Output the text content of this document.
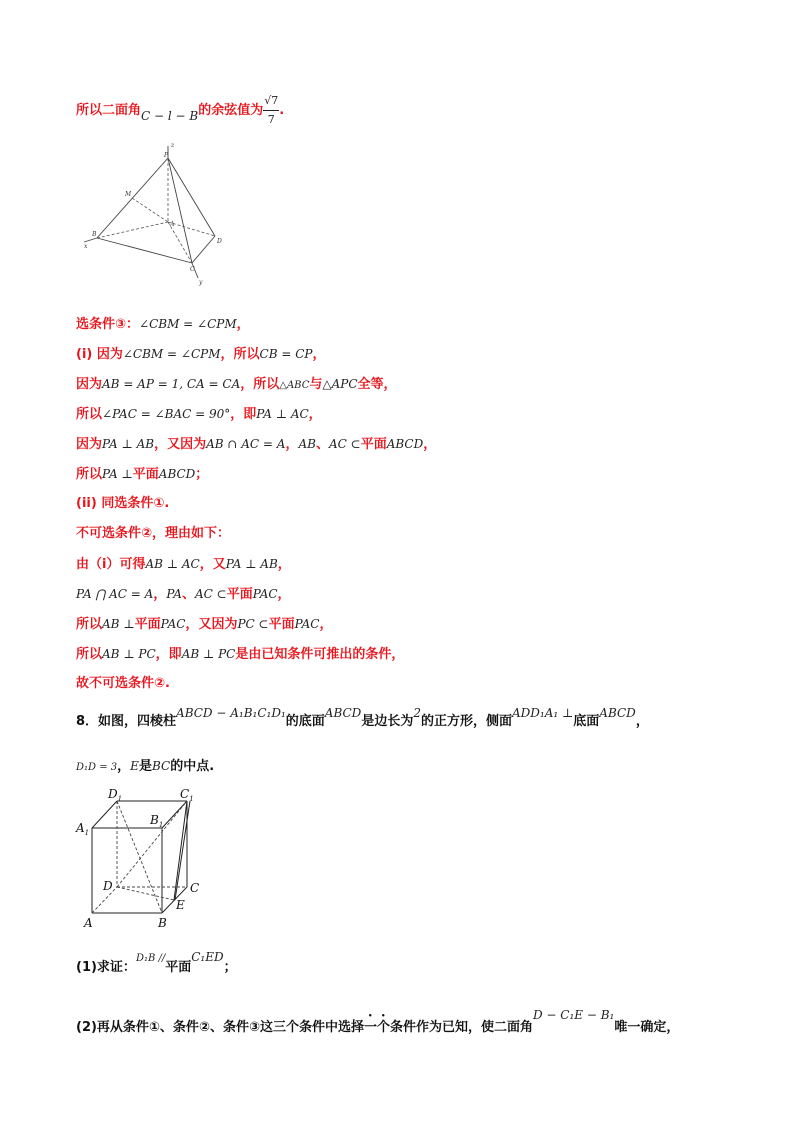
所以二面角C − l − B的余弦值为 $\frac{√7}{7}$ .
P
z
M
A
B
x
D
C
y
选条件③：∠CBM = ∠CPM，
(i) 因为∠CBM = ∠CPM，所以CB = CP，
因为AB = AP = 1, CA = CA，所以△ABC与△APC全等，
所以∠PAC = ∠BAC = 90°，即PA ⊥ AC，
因为PA ⊥ AB，又因为AB ∩ AC = A，AB、AC ⊂平面ABCD，
所以PA ⊥平面ABCD；
(ii) 同选条件①.
不可选条件②，理由如下：
由（i）可得AB ⊥ AC，又PA ⊥ AB，
PA ⋂ AC = A，PA、AC ⊂平面PAC，
所以AB ⊥平面PAC，又因为PC ⊂平面PAC，
所以AB ⊥ PC，即AB ⊥ PC是由已知条件可推出的条件，
故不可选条件②.
8．如图，四棱柱ABCD − A₁B₁C₁D₁的底面ABCD是边长为2的正方形，侧面ADD₁A₁ ⊥底面ABCD，
D₁D = 3，E是BC的中点.
$D_1$	$C_1$
$A_1$
$B_1$
D	C
E
A	B
(1)求证：$^{D_1B //}$平面C₁ED；
(2)再从条件①、条件②、条件③这三个条件中选择一个条件作为已知，使二面角D − C₁E − B₁唯一确定，
